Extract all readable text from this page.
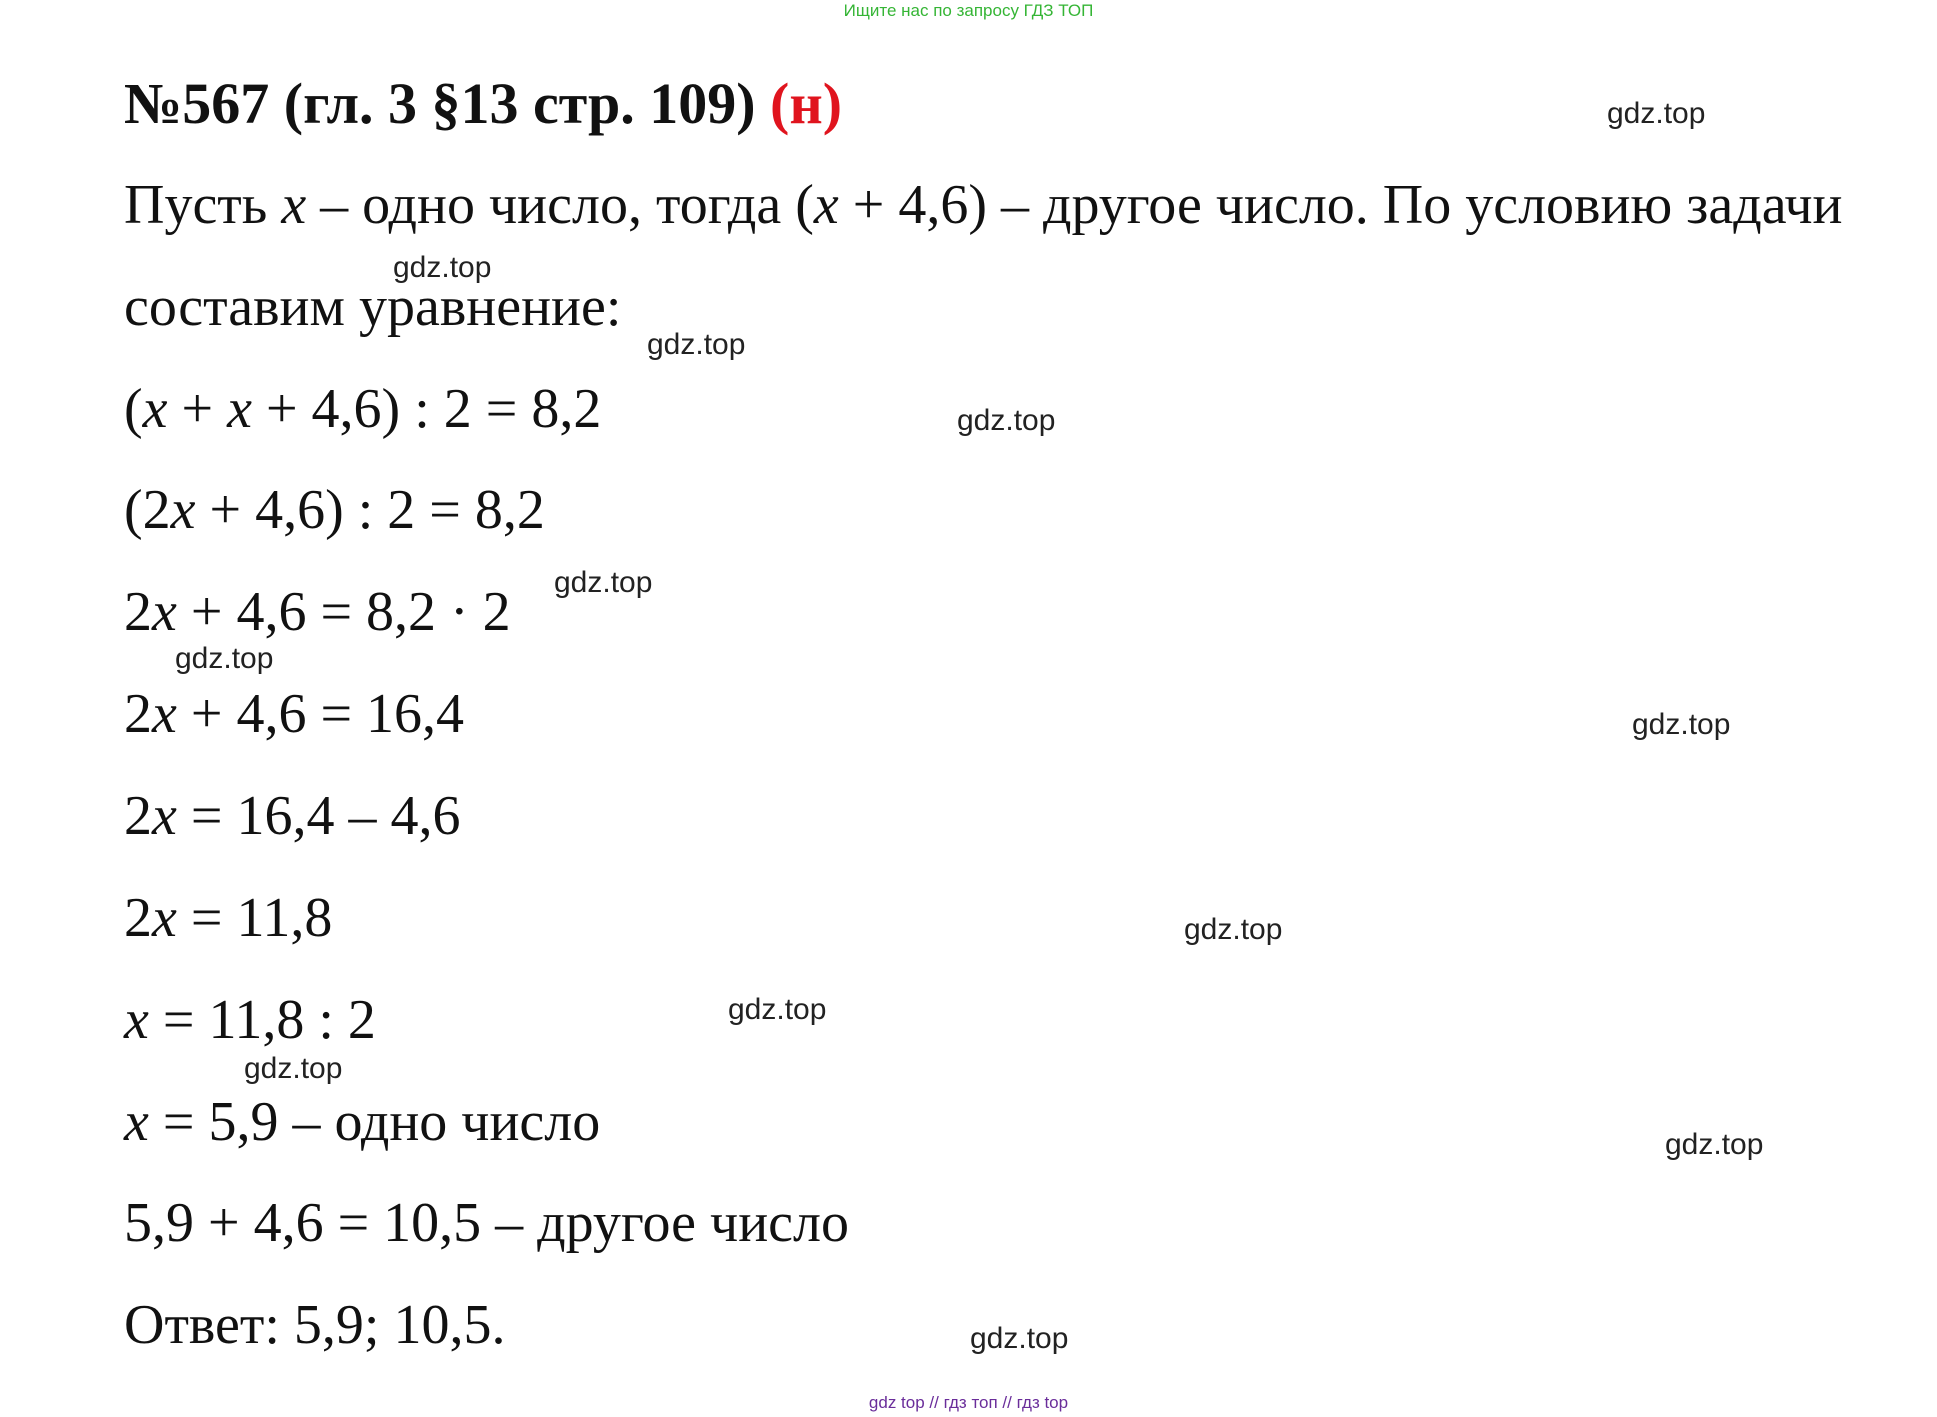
Ищите нас по запросу ГДЗ ТОП
№567 (гл. 3 §13 стр. 109) (н)
Пусть x – одно число, тогда (x + 4,6) – другое число. По условию задачи
составим уравнение:
(x + x + 4,6) : 2 = 8,2
(2x + 4,6) : 2 = 8,2
2x + 4,6 = 8,2 · 2
2x + 4,6 = 16,4
2x = 16,4 – 4,6
2x = 11,8
x = 11,8 : 2
x = 5,9 – одно число
5,9 + 4,6 = 10,5 – другое число
Ответ: 5,9; 10,5.
gdz.top
gdz.top
gdz.top
gdz.top
gdz.top
gdz.top
gdz.top
gdz.top
gdz.top
gdz.top
gdz.top
gdz.top
gdz top // гдз топ // гдз top
